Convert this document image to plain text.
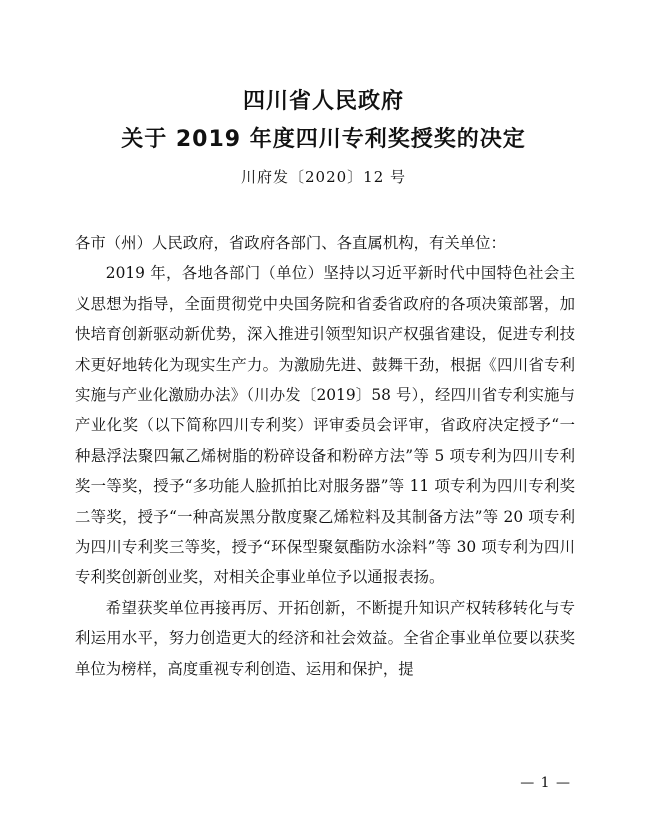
四川省人民政府
关于 2019 年度四川专利奖授奖的决定
川府发〔2020〕12 号

各市（州）人民政府，省政府各部门、各直属机构，有关单位：

2019 年，各地各部门（单位）坚持以习近平新时代中国特色社会主义思想为指导，全面贯彻党中央国务院和省委省政府的各项决策部署，加快培育创新驱动新优势，深入推进引领型知识产权强省建设，促进专利技术更好地转化为现实生产力。为激励先进、鼓舞干劲，根据《四川省专利实施与产业化激励办法》（川办发〔2019〕58 号），经四川省专利实施与产业化奖（以下简称四川专利奖）评审委员会评审，省政府决定授予“一种悬浮法聚四氟乙烯树脂的粉碎设备和粉碎方法”等 5 项专利为四川专利奖一等奖，授予“多功能人脸抓拍比对服务器”等 11 项专利为四川专利奖二等奖，授予“一种高炭黑分散度聚乙烯粒料及其制备方法”等 20 项专利为四川专利奖三等奖，授予“环保型聚氨酯防水涂料”等 30 项专利为四川专利奖创新创业奖，对相关企事业单位予以通报表扬。

希望获奖单位再接再厉、开拓创新，不断提升知识产权转移转化与专利运用水平，努力创造更大的经济和社会效益。全省企事业单位要以获奖单位为榜样，高度重视专利创造、运用和保护，提

— 1 —
